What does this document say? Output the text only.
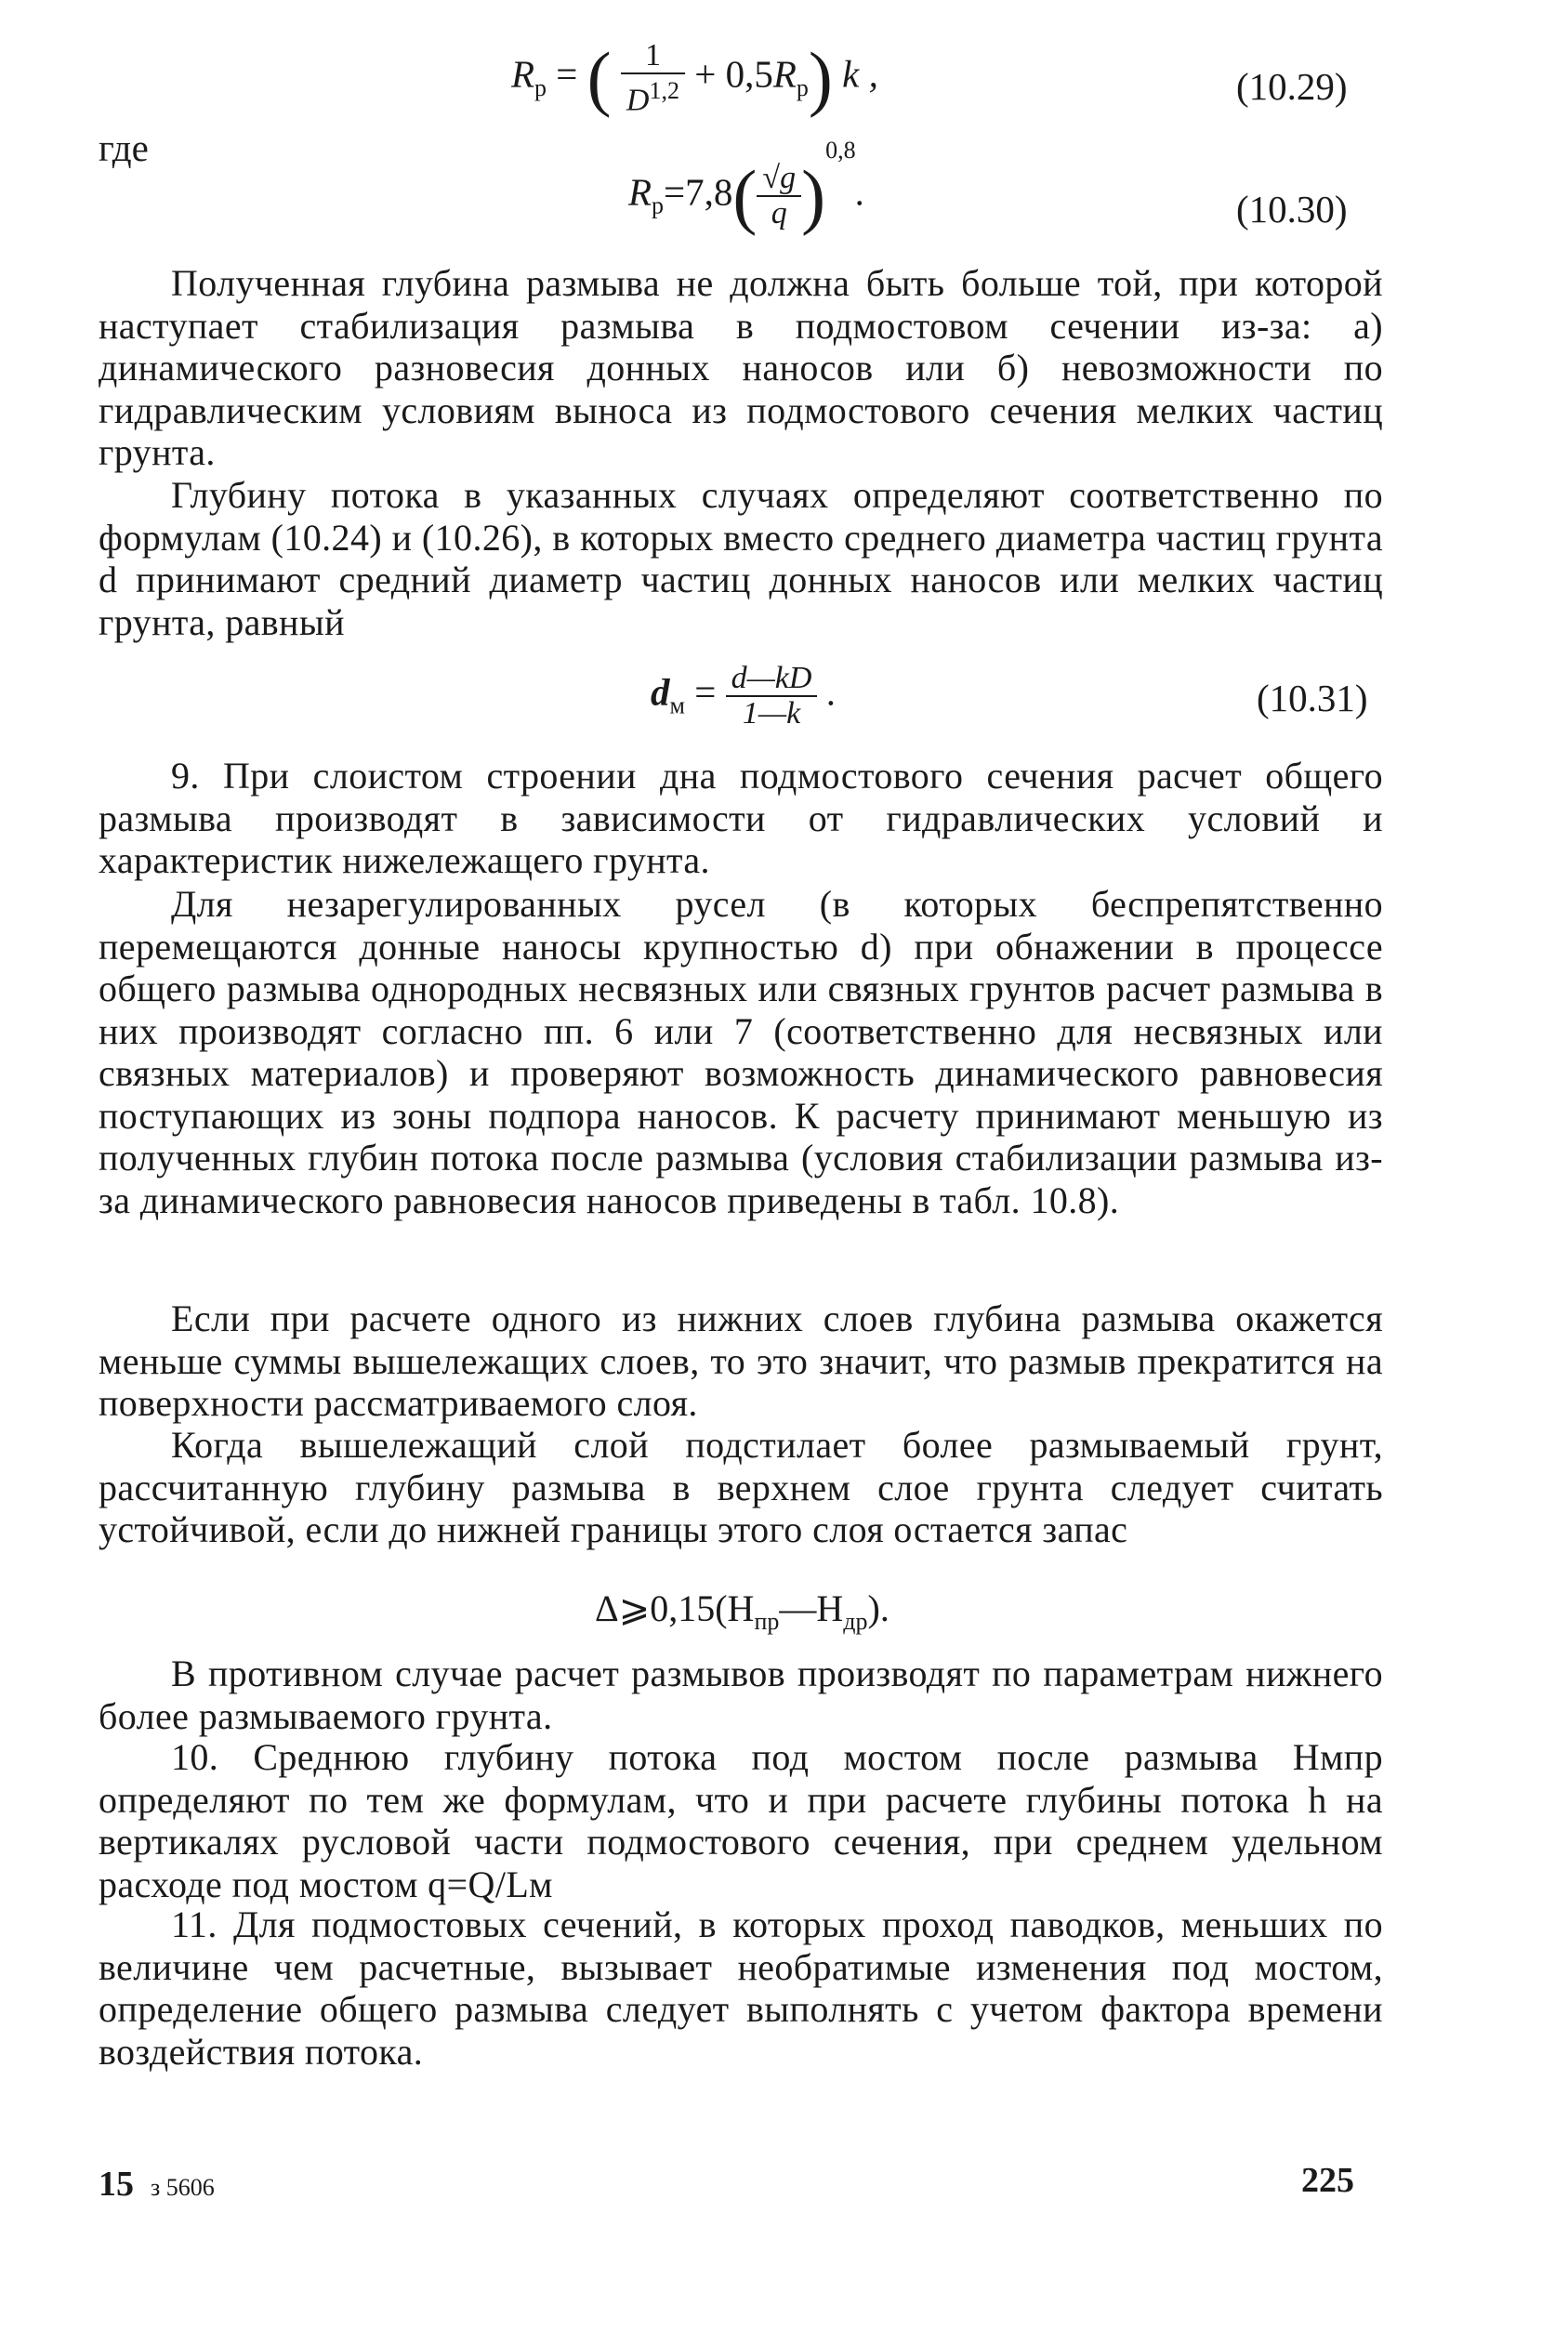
$R_р$ = ( $\frac{1}{D^{1,2}} + 0,5R_р$) k ,	(10.29)
где
$R_р=7,8( \frac{√g}{q} )^{0,8}$.	(10.30)

Полученная глубина размыва не должна быть больше той, при которой наступает стабилизация размыва в подмостовом сечении из-за: а) динамического разновесия донных наносов или б) невозможности по гидравлическим условиям выноса из подмостового сечения мелких частиц грунта.

Глубину потока в указанных случаях определяют соответственно по формулам (10.24) и (10.26), в которых вместо среднего диаметра частиц грунта d принимают средний диаметр частиц донных наносов или мелких частиц грунта, равный

$d_м = \frac{d—kD}{1—k}$ .	(10.31)

9. При слоистом строении дна подмостового сечения расчет общего размыва производят в зависимости от гидравлических условий и характеристик нижележащего грунта.

Для незарегулированных русел (в которых беспрепятственно перемещаются донные наносы крупностью d) при обнажении в процессе общего размыва однородных несвязных или связных грунтов расчет размыва в них производят согласно пп. 6 или 7 (соответственно для несвязных или связных материалов) и проверяют возможность динамического равновесия поступающих из зоны подпора наносов. К расчету принимают меньшую из полученных глубин потока после размыва (условия стабилизации размыва из-за динамического равновесия наносов приведены в табл. 10.8).

Если при расчете одного из нижних слоев глубина размыва окажется меньше суммы вышележащих слоев, то это значит, что размыв прекратится на поверхности рассматриваемого слоя.

Когда вышележащий слой подстилает более размываемый грунт, рассчитанную глубину размыва в верхнем слое грунта следует считать устойчивой, если до нижней границы этого слоя остается запас

$\Delta⩾0,15(H_{пр}—H_{др})$.

В противном случае расчет размывов производят по параметрам нижнего более размываемого грунта.

10. Среднюю глубину потока под мостом после размыва Hмпр определяют по тем же формулам, что и при расчете глубины потока h на вертикалях русловой части подмостового сечения, при среднем удельном расходе под мостом q=Q/Lм

11. Для подмостовых сечений, в которых проход паводков, меньших по величине чем расчетные, вызывает необратимые изменения под мостом, определение общего размыва следует выполнять с учетом фактора времени воздействия потока.

15 з 5606	225
